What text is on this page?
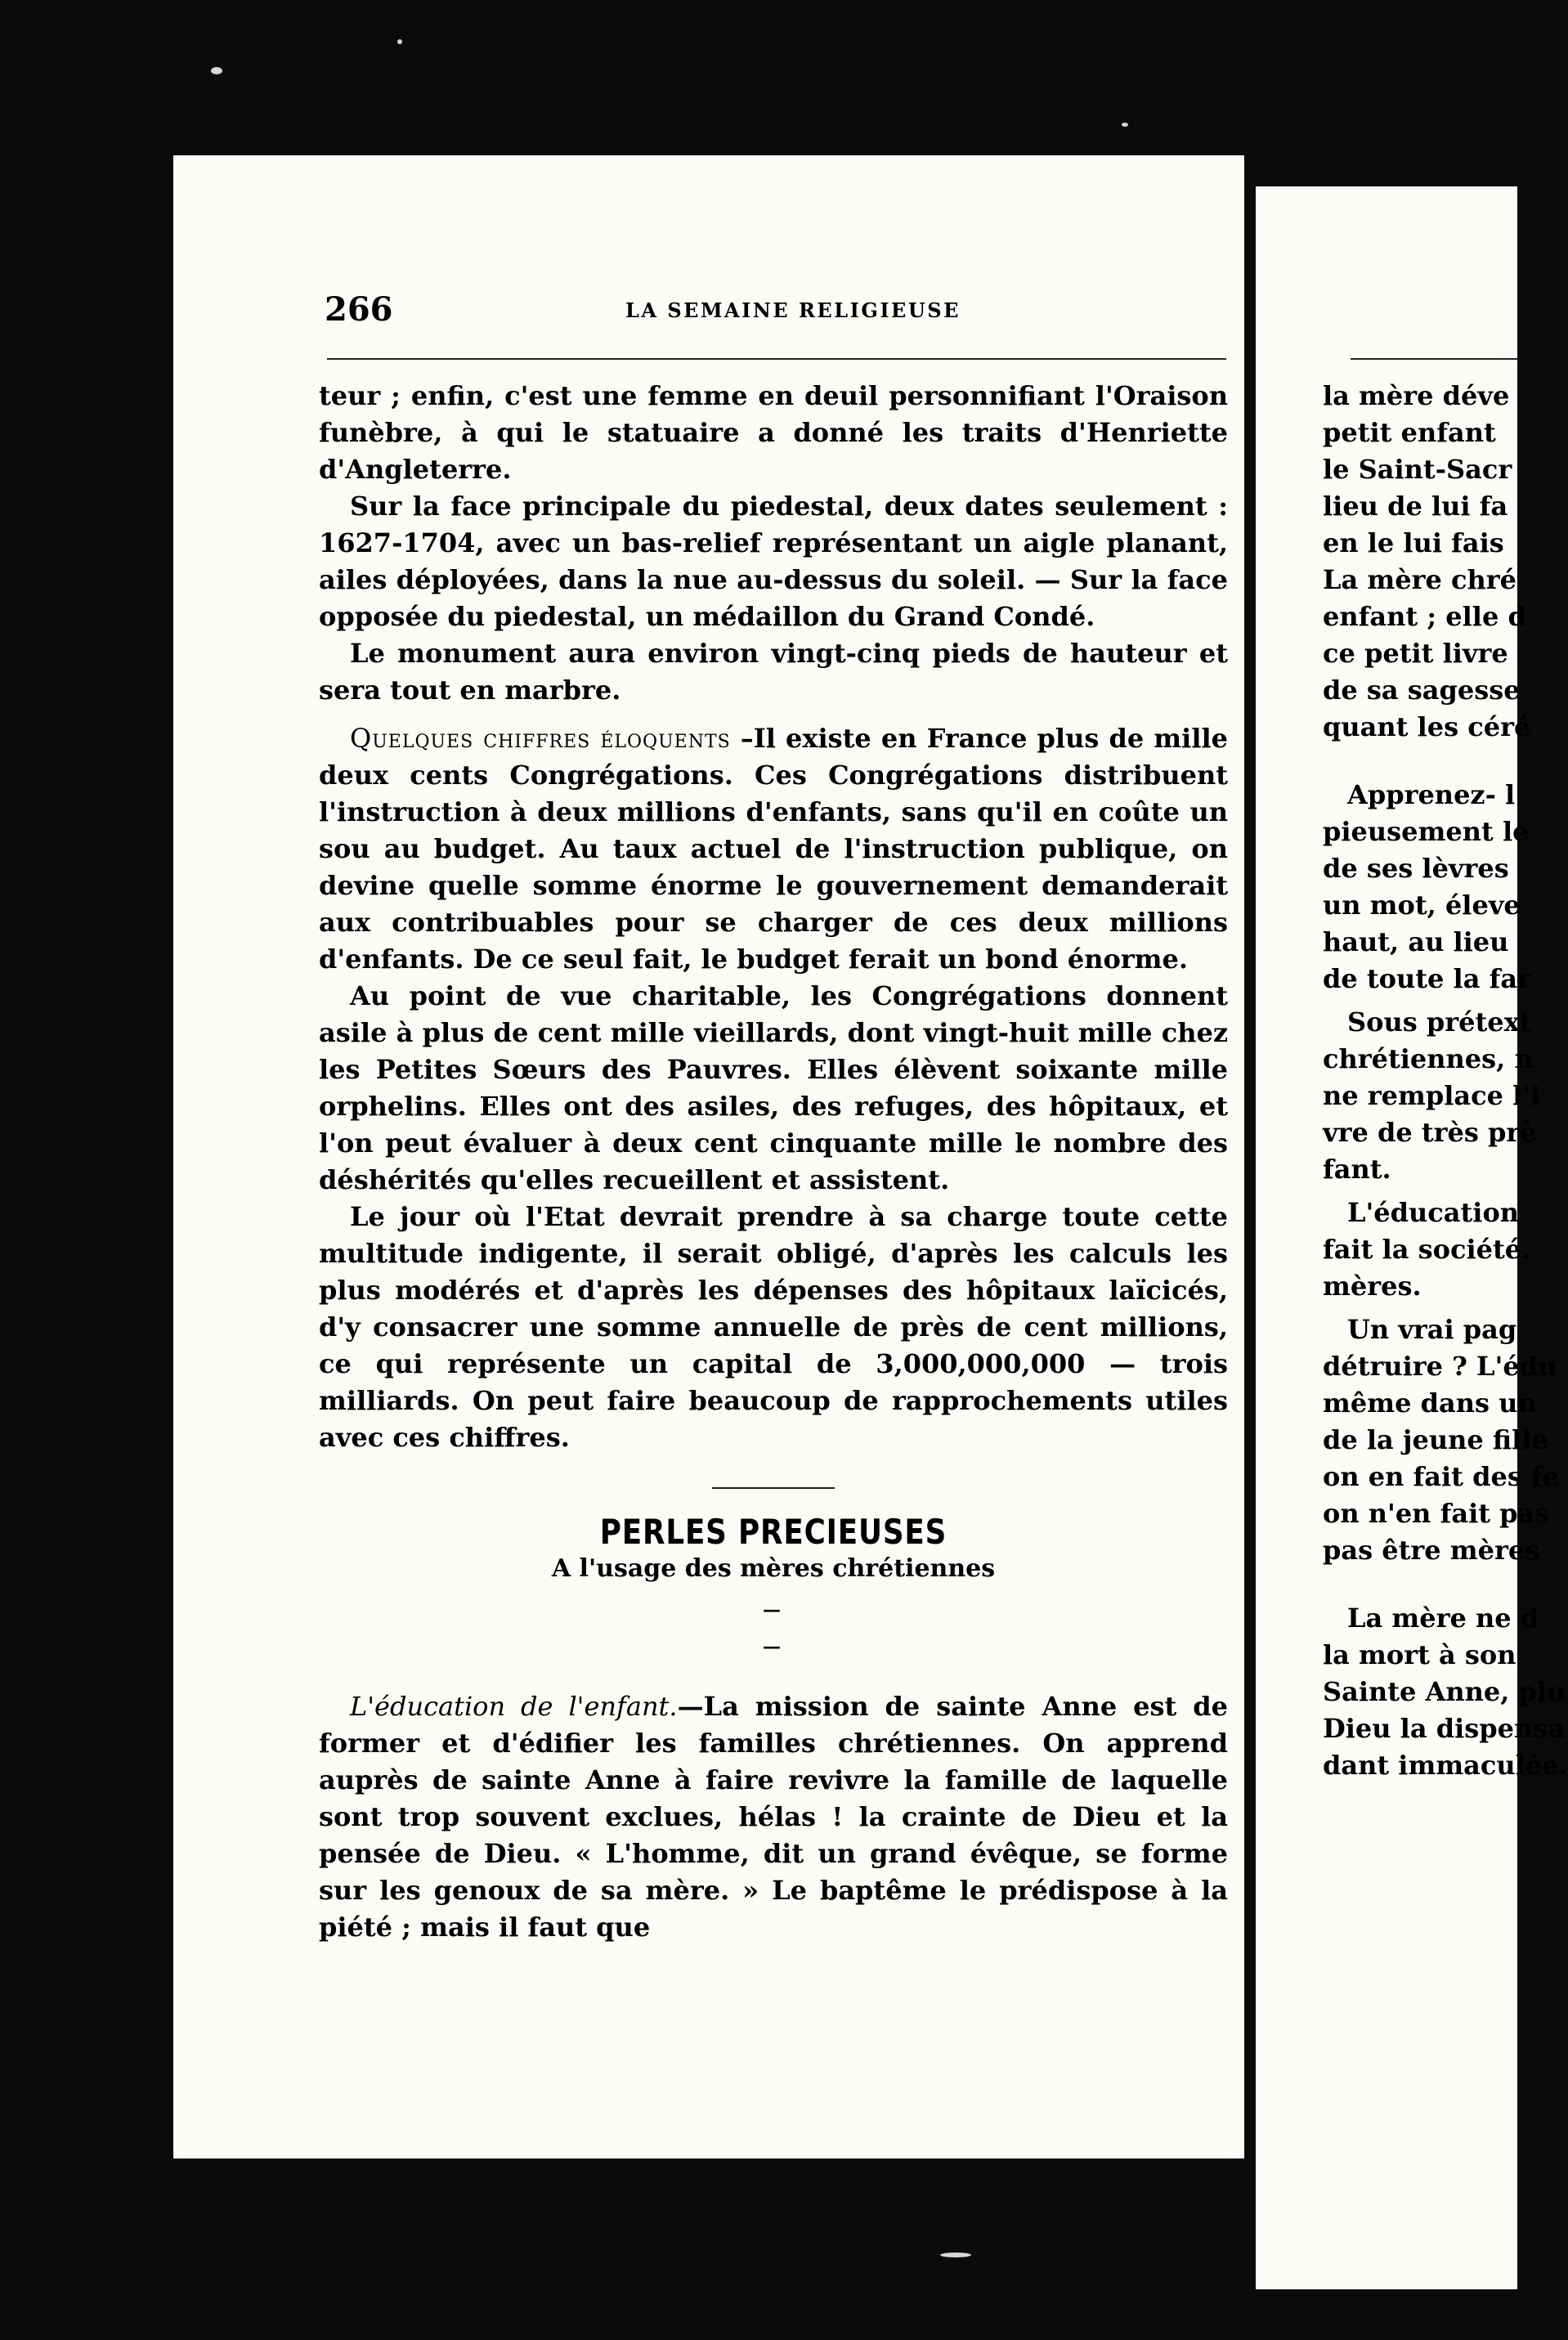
266	LA SEMAINE RELIGIEUSE

teur ; enfin, c'est une femme en deuil personnifiant l'Oraison funèbre, à qui le statuaire a donné les traits d'Henriette d'Angleterre.

Sur la face principale du piedestal, deux dates seulement : 1627-1704, avec un bas-relief représentant un aigle planant, ailes déployées, dans la nue au-dessus du soleil. — Sur la face opposée du piedestal, un médaillon du Grand Condé.

Le monument aura environ vingt-cinq pieds de hauteur et sera tout en marbre.

Quelques chiffres éloquents –Il existe en France plus de mille deux cents Congrégations. Ces Congrégations distribuent l'instruction à deux millions d'enfants, sans qu'il en coûte un sou au budget. Au taux actuel de l'instruction publique, on devine quelle somme énorme le gouvernement demanderait aux contribuables pour se charger de ces deux millions d'enfants. De ce seul fait, le budget ferait un bond énorme.

Au point de vue charitable, les Congrégations donnent asile à plus de cent mille vieillards, dont vingt-huit mille chez les Petites Sœurs des Pauvres. Elles élèvent soixante mille orphelins. Elles ont des asiles, des refuges, des hôpitaux, et l'on peut évaluer à deux cent cinquante mille le nombre des déshérités qu'elles recueillent et assistent.

Le jour où l'Etat devrait prendre à sa charge toute cette multitude indigente, il serait obligé, d'après les calculs les plus modérés et d'après les dépenses des hôpitaux laïcicés, d'y consacrer une somme annuelle de près de cent millions, ce qui représente un capital de 3,000,000,000 — trois milliards. On peut faire beaucoup de rapprochements utiles avec ces chiffres.

PERLES PRECIEUSES

A l'usage des mères chrétiennes

— —

L'éducation de l'enfant.—La mission de sainte Anne est de former et d'édifier les familles chrétiennes. On apprend auprès de sainte Anne à faire revivre la famille de laquelle sont trop souvent exclues, hélas ! la crainte de Dieu et la pensée de Dieu. « L'homme, dit un grand évêque, se forme sur les genoux de sa mère. » Le baptême le prédispose à la piété ; mais il faut que

la mère déve

petit enfant

le Saint-Sacr

lieu de lui fa

en le lui fais

La mère chré

enfant ; elle d

ce petit livre

de sa sagesse

quant les céré

Apprenez- l

pieusement le

de ses lèvres

un mot, éleve

haut, au lieu

de toute la far

Sous prétext

chrétiennes, n

ne remplace l'i

vre de très prè

fant.

L'éducation

fait la société.

mères.

Un vrai pag

détruire ? L'édu

même dans un

de la jeune fille

on en fait des fe

on n'en fait pas

pas être mères

La mère ne d

la mort à son

Sainte Anne, plu

Dieu la dispensa

dant immaculée.
